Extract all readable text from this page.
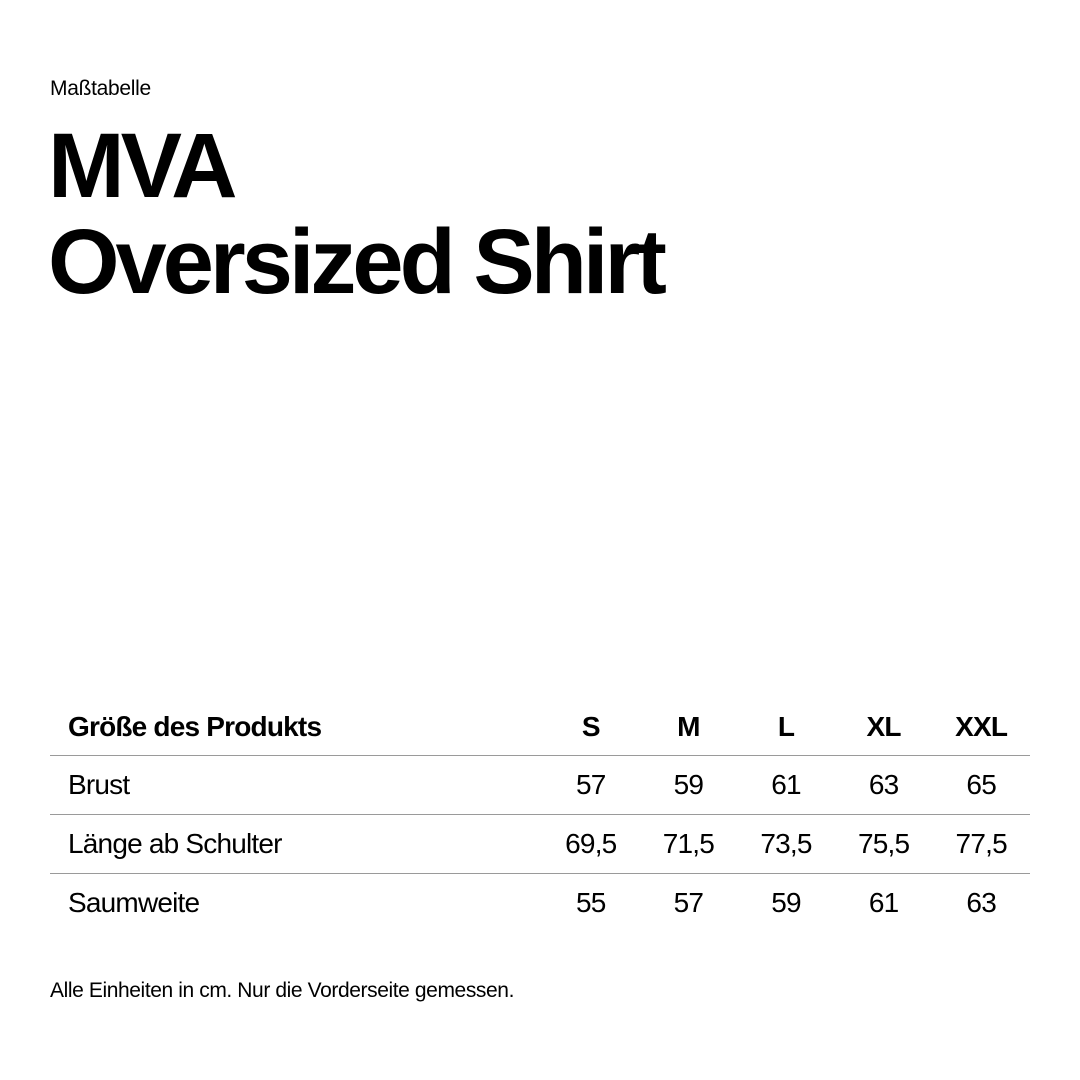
Maßtabelle
MVA
Oversized Shirt
Größe des Produkts	S	M	L	XL	XXL
Brust	57	59	61	63	65
Länge ab Schulter	69,5	71,5	73,5	75,5	77,5
Saumweite	55	57	59	61	63
Alle Einheiten in cm. Nur die Vorderseite gemessen.
